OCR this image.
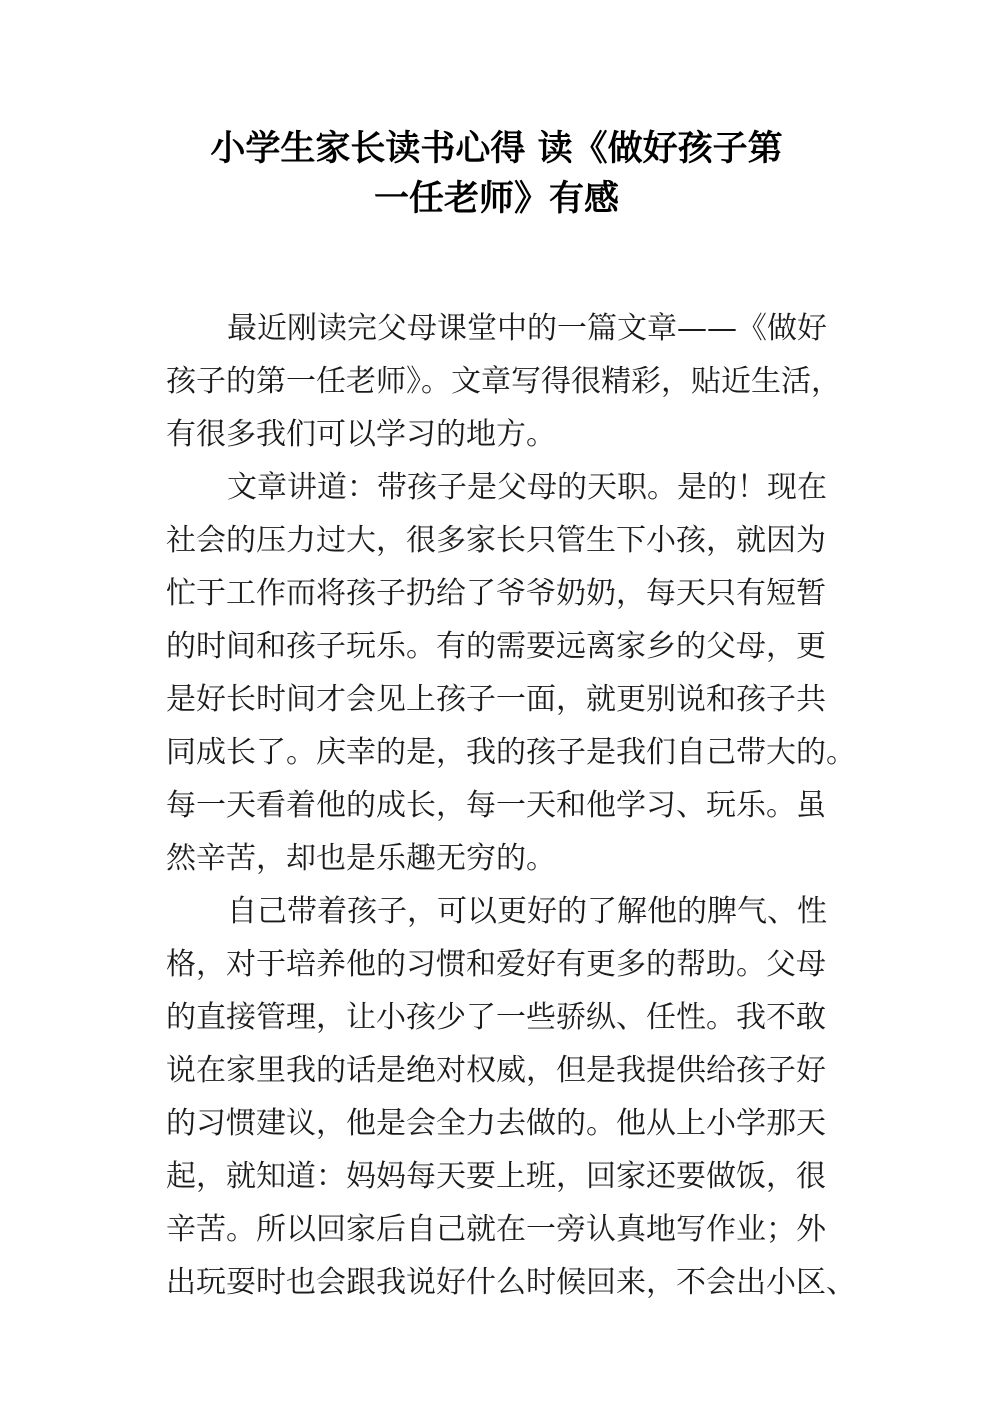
小学生家长读书心得 读《做好孩子第
一任老师》有感
最近刚读完父母课堂中的一篇文章——《做好
孩子的第一任老师》。文章写得很精彩，贴近生活，
有很多我们可以学习的地方。
文章讲道：带孩子是父母的天职。是的！现在
社会的压力过大，很多家长只管生下小孩，就因为
忙于工作而将孩子扔给了爷爷奶奶，每天只有短暂
的时间和孩子玩乐。有的需要远离家乡的父母，更
是好长时间才会见上孩子一面，就更别说和孩子共
同成长了。庆幸的是，我的孩子是我们自己带大的。
每一天看着他的成长，每一天和他学习、玩乐。虽
然辛苦，却也是乐趣无穷的。
自己带着孩子，可以更好的了解他的脾气、性
格，对于培养他的习惯和爱好有更多的帮助。父母
的直接管理，让小孩少了一些骄纵、任性。我不敢
说在家里我的话是绝对权威，但是我提供给孩子好
的习惯建议，他是会全力去做的。他从上小学那天
起，就知道：妈妈每天要上班，回家还要做饭，很
辛苦。所以回家后自己就在一旁认真地写作业；外
出玩耍时也会跟我说好什么时候回来，不会出小区、
